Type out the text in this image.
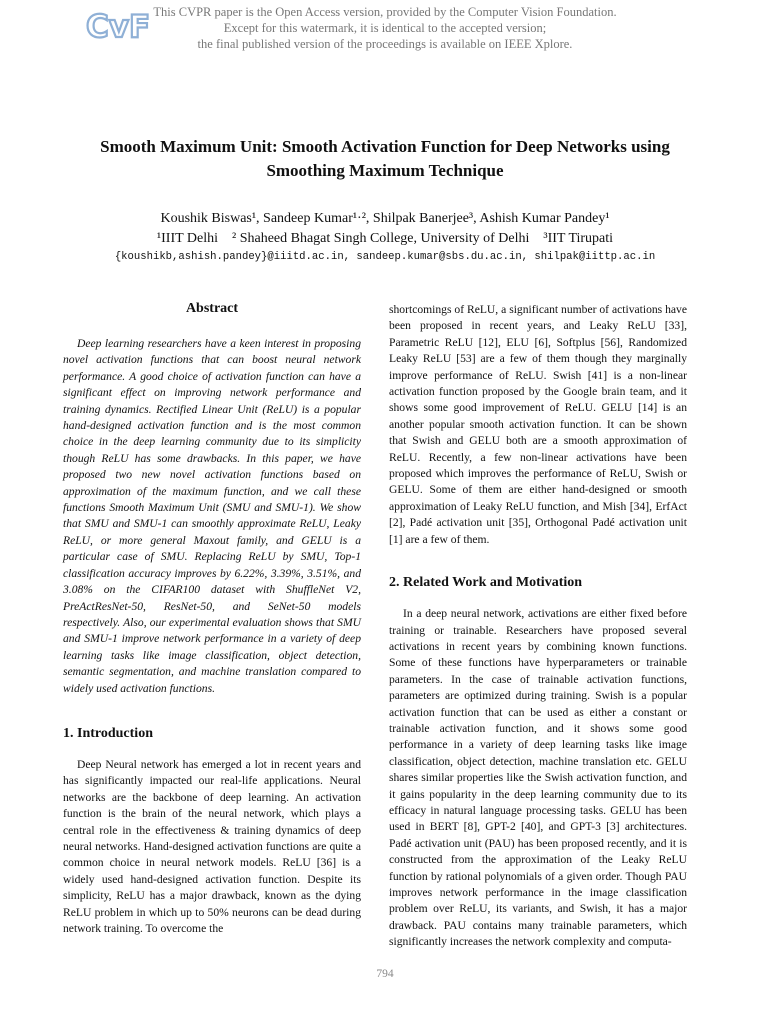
CvF This CVPR paper is the Open Access version, provided by the Computer Vision Foundation.
Except for this watermark, it is identical to the accepted version;
the final published version of the proceedings is available on IEEE Xplore.
Smooth Maximum Unit: Smooth Activation Function for Deep Networks using
Smoothing Maximum Technique
Koushik Biswas¹, Sandeep Kumar¹·², Shilpak Banerjee³, Ashish Kumar Pandey¹
¹IIIT Delhi    ² Shaheed Bhagat Singh College, University of Delhi    ³IIT Tirupati
{koushikb,ashish.pandey}@iiitd.ac.in, sandeep.kumar@sbs.du.ac.in, shilpak@iittp.ac.in
Abstract

Deep learning researchers have a keen interest in proposing novel activation functions that can boost neural network performance. A good choice of activation function can have a significant effect on improving network performance and training dynamics. Rectified Linear Unit (ReLU) is a popular hand-designed activation function and is the most common choice in the deep learning community due to its simplicity though ReLU has some drawbacks. In this paper, we have proposed two new novel activation functions based on approximation of the maximum function, and we call these functions Smooth Maximum Unit (SMU and SMU-1). We show that SMU and SMU-1 can smoothly approximate ReLU, Leaky ReLU, or more general Maxout family, and GELU is a particular case of SMU. Replacing ReLU by SMU, Top-1 classification accuracy improves by 6.22%, 3.39%, 3.51%, and 3.08% on the CIFAR100 dataset with ShuffleNet V2, PreActResNet-50, ResNet-50, and SeNet-50 models respectively. Also, our experimental evaluation shows that SMU and SMU-1 improve network performance in a variety of deep learning tasks like image classification, object detection, semantic segmentation, and machine translation compared to widely used activation functions.

1. Introduction

Deep Neural network has emerged a lot in recent years and has significantly impacted our real-life applications. Neural networks are the backbone of deep learning. An activation function is the brain of the neural network, which plays a central role in the effectiveness & training dynamics of deep neural networks. Hand-designed activation functions are quite a common choice in neural network models. ReLU [36] is a widely used hand-designed activation function. Despite its simplicity, ReLU has a major drawback, known as the dying ReLU problem in which up to 50% neurons can be dead during network training. To overcome the

shortcomings of ReLU, a significant number of activations have been proposed in recent years, and Leaky ReLU [33], Parametric ReLU [12], ELU [6], Softplus [56], Randomized Leaky ReLU [53] are a few of them though they marginally improve performance of ReLU. Swish [41] is a non-linear activation function proposed by the Google brain team, and it shows some good improvement of ReLU. GELU [14] is an another popular smooth activation function. It can be shown that Swish and GELU both are a smooth approximation of ReLU. Recently, a few non-linear activations have been proposed which improves the performance of ReLU, Swish or GELU. Some of them are either hand-designed or smooth approximation of Leaky ReLU function, and Mish [34], ErfAct [2], Padé activation unit [35], Orthogonal Padé activation unit [1] are a few of them.

2. Related Work and Motivation

In a deep neural network, activations are either fixed before training or trainable. Researchers have proposed several activations in recent years by combining known functions. Some of these functions have hyperparameters or trainable parameters. In the case of trainable activation functions, parameters are optimized during training. Swish is a popular activation function that can be used as either a constant or trainable activation function, and it shows some good performance in a variety of deep learning tasks like image classification, object detection, machine translation etc. GELU shares similar properties like the Swish activation function, and it gains popularity in the deep learning community due to its efficacy in natural language processing tasks. GELU has been used in BERT [8], GPT-2 [40], and GPT-3 [3] architectures. Padé activation unit (PAU) has been proposed recently, and it is constructed from the approximation of the Leaky ReLU function by rational polynomials of a given order. Though PAU improves network performance in the image classification problem over ReLU, its variants, and Swish, it has a major drawback. PAU contains many trainable parameters, which significantly increases the network complexity and computa-

794
